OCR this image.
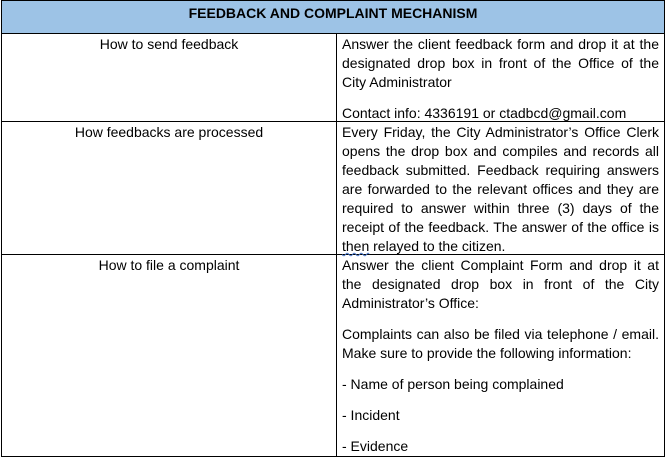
FEEDBACK AND COMPLAINT MECHANISM
How to send feedback	Answer the client feedback form and drop it at the designated drop box in front of the Office of the City Administrator

Contact info: 4336191 or ctadbcd@gmail.com

How feedbacks are processed	Every Friday, the City Administrator’s Office Clerk opens the drop box and compiles and records all feedback submitted. Feedback requiring answers are forwarded to the relevant offices and they are required to answer within three (3) days of the receipt of the feedback. The answer of the office is then relayed to the citizen.

How to file a complaint	Answer the client Complaint Form and drop it at the designated drop box in front of the City Administrator’s Office:

Complaints can also be filed via telephone / email. Make sure to provide the following information:

- Name of person being complained

- Incident

- Evidence
